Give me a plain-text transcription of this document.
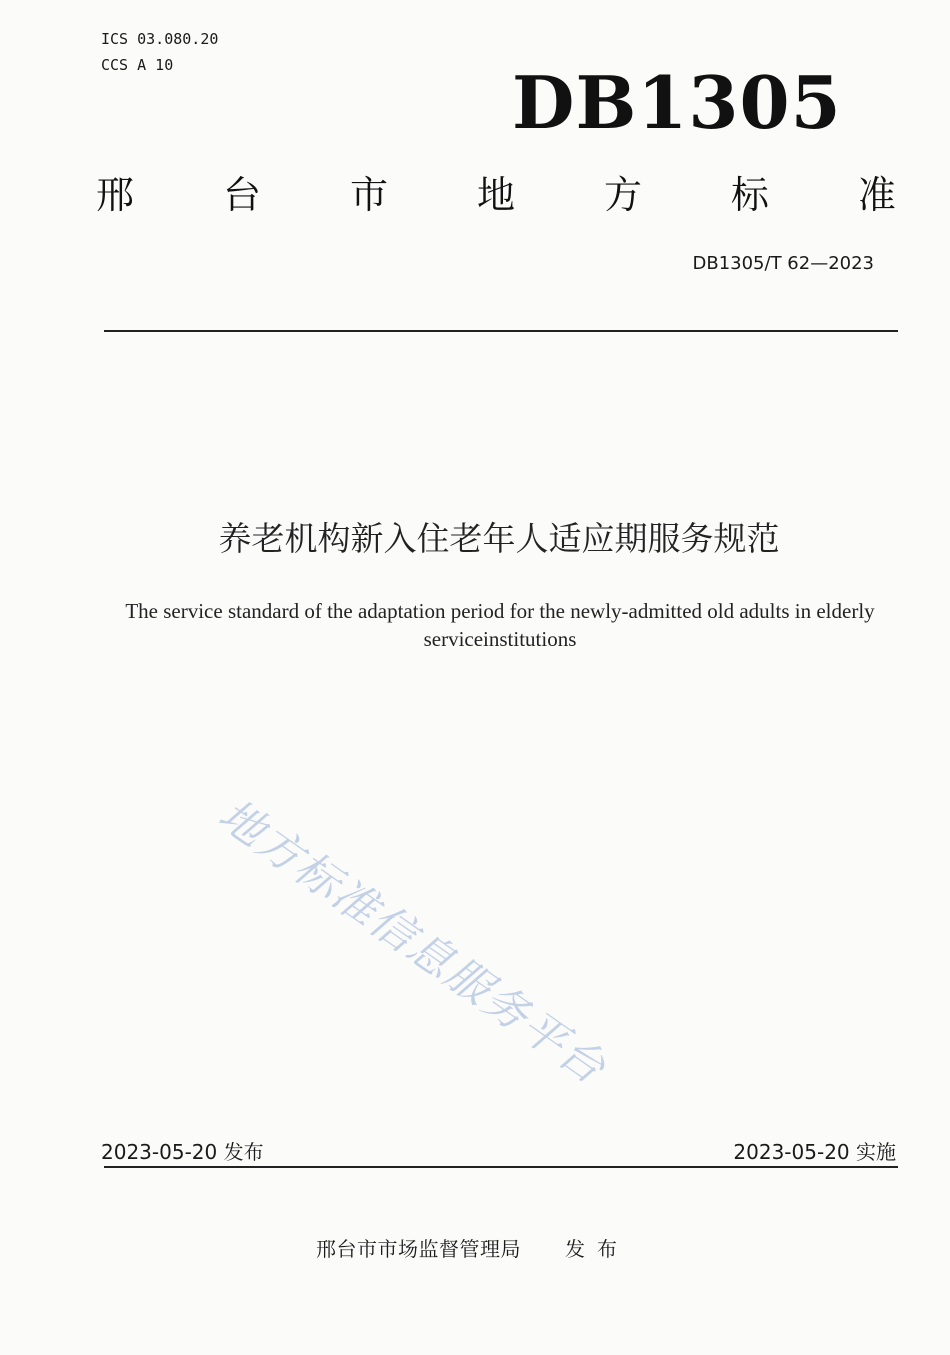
ICS 03.080.20
CCS A 10	DB1305
邢 台 市 地 方 标 准
DB1305/T 62—2023
养老机构新入住老年人适应期服务规范
The service standard of the adaptation period for the newly-admitted old adults in elderly serviceinstitutions
地方标准信息服务平台
2023-05-20 发布	2023-05-20 实施
邢台市市场监督管理局 发布
